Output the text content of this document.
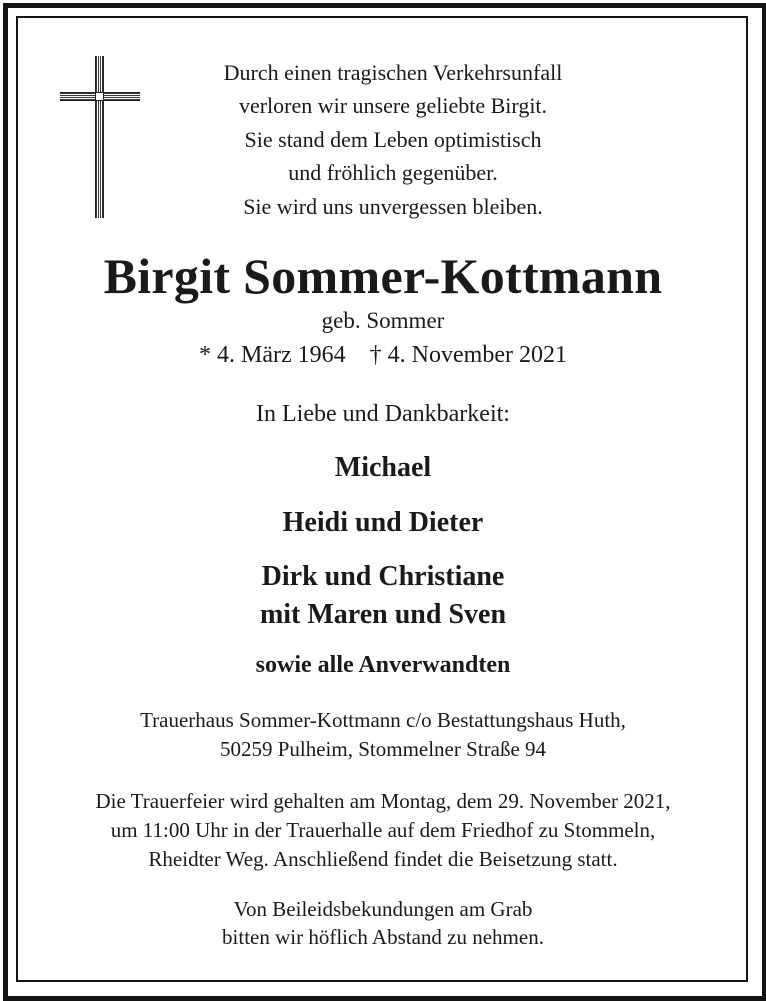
Durch einen tragischen Verkehrsunfall
verloren wir unsere geliebte Birgit.
Sie stand dem Leben optimistisch
und fröhlich gegenüber.
Sie wird uns unvergessen bleiben.
Birgit Sommer-Kottmann
geb. Sommer
* 4. März 1964    † 4. November 2021
In Liebe und Dankbarkeit:
Michael
Heidi und Dieter
Dirk und Christiane
mit Maren und Sven
sowie alle Anverwandten
Trauerhaus Sommer-Kottmann c/o Bestattungshaus Huth,
50259 Pulheim, Stommelner Straße 94
Die Trauerfeier wird gehalten am Montag, dem 29. November 2021,
um 11:00 Uhr in der Trauerhalle auf dem Friedhof zu Stommeln,
Rheidter Weg. Anschließend findet die Beisetzung statt.
Von Beileidsbekundungen am Grab
bitten wir höflich Abstand zu nehmen.
